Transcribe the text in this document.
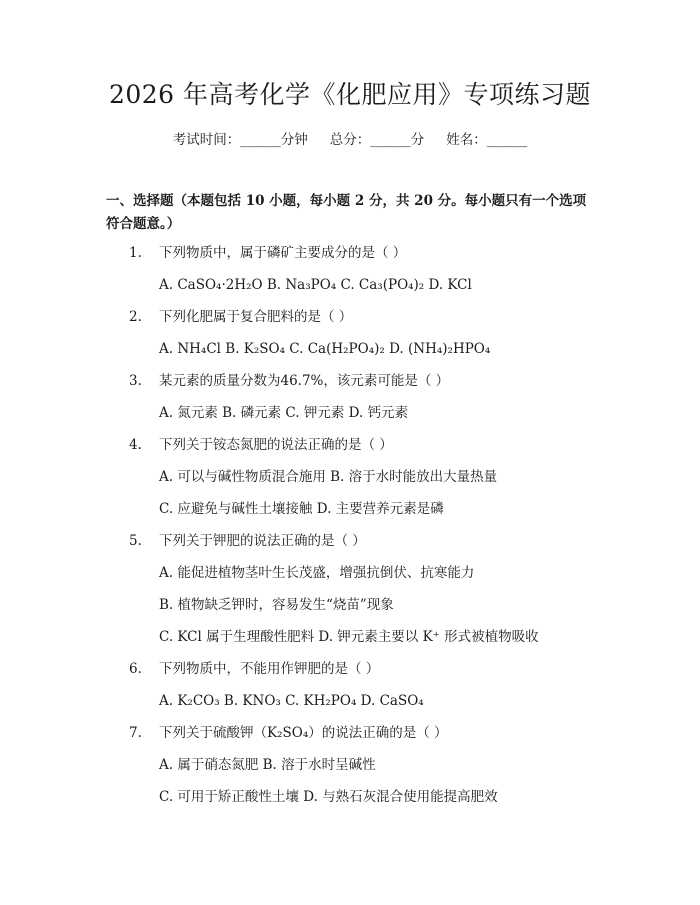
2026 年高考化学《化肥应用》专项练习题
考试时间：______分钟 总分：______分 姓名：______
一、选择题（本题包括 10 小题，每小题 2 分，共 20 分。每小题只有一个选项符合题意。）
1. 下列物质中，属于磷矿主要成分的是（ ）
A. CaSO₄·2H₂O B. Na₃PO₄ C. Ca₃(PO₄)₂ D. KCl
2. 下列化肥属于复合肥料的是（ ）
A. NH₄Cl B. K₂SO₄ C. Ca(H₂PO₄)₂ D. (NH₄)₂HPO₄
3. 某元素的质量分数为46.7%，该元素可能是（ ）
A. 氮元素 B. 磷元素 C. 钾元素 D. 钙元素
4. 下列关于铵态氮肥的说法正确的是（ ）
A. 可以与碱性物质混合施用 B. 溶于水时能放出大量热量
C. 应避免与碱性土壤接触 D. 主要营养元素是磷
5. 下列关于钾肥的说法正确的是（ ）
A. 能促进植物茎叶生长茂盛，增强抗倒伏、抗寒能力
B. 植物缺乏钾时，容易发生“烧苗”现象
C. KCl 属于生理酸性肥料 D. 钾元素主要以 K⁺ 形式被植物吸收
6. 下列物质中，不能用作钾肥的是（ ）
A. K₂CO₃ B. KNO₃ C. KH₂PO₄ D. CaSO₄
7. 下列关于硫酸钾（K₂SO₄）的说法正确的是（ ）
A. 属于硝态氮肥 B. 溶于水时呈碱性
C. 可用于矫正酸性土壤 D. 与熟石灰混合使用能提高肥效
